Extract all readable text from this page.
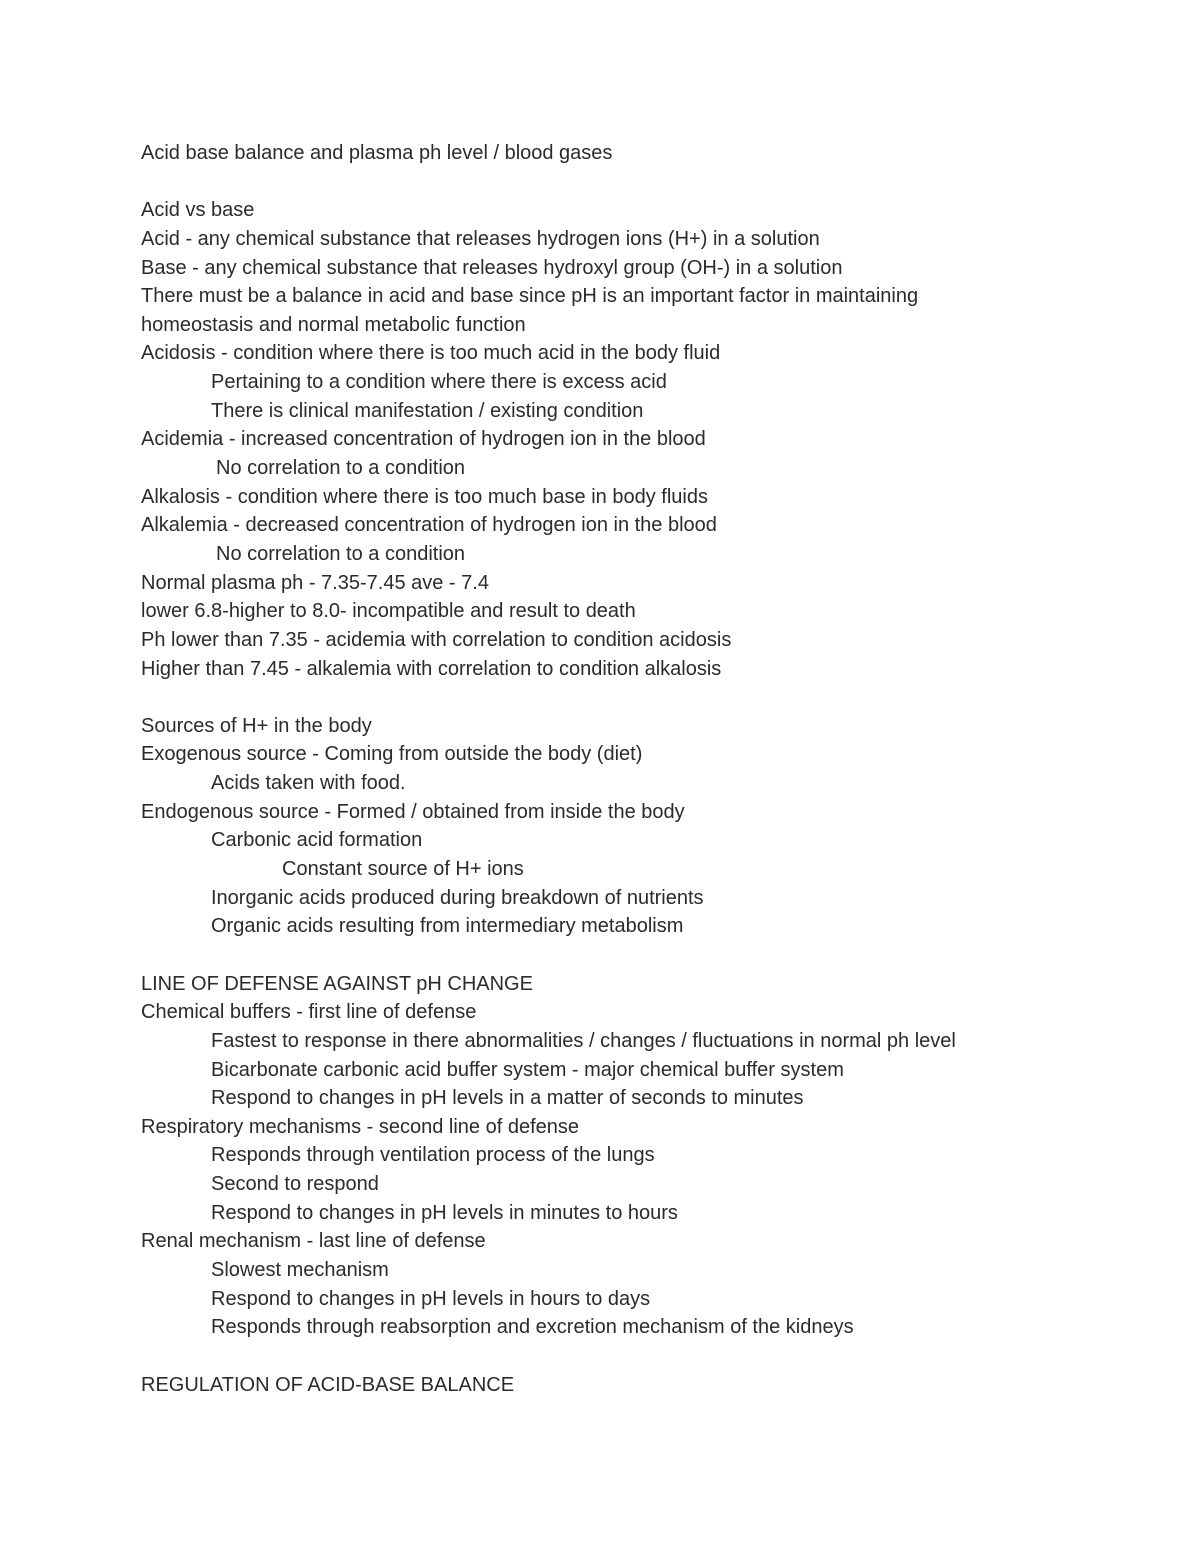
Acid base balance and plasma ph level / blood gases
Acid vs base
Acid - any chemical substance that releases hydrogen ions (H+) in a solution
Base - any chemical substance that releases hydroxyl group (OH-) in a solution
There must be a balance in acid and base since pH is an important factor in maintaining
homeostasis and normal metabolic function
Acidosis - condition where there is too much acid in the body fluid
Pertaining to a condition where there is excess acid
There is clinical manifestation / existing condition
Acidemia - increased concentration of hydrogen ion in the blood
No correlation to a condition
Alkalosis - condition where there is too much base in body fluids
Alkalemia - decreased concentration of hydrogen ion in the blood
No correlation to a condition
Normal plasma ph - 7.35-7.45 ave - 7.4
lower 6.8-higher to 8.0- incompatible and result to death
Ph lower than 7.35 - acidemia with correlation to condition acidosis
Higher than 7.45 - alkalemia with correlation to condition alkalosis
Sources of H+ in the body
Exogenous source - Coming from outside the body (diet)
Acids taken with food.
Endogenous source - Formed / obtained from inside the body
Carbonic acid formation
Constant source of H+ ions
Inorganic acids produced during breakdown of nutrients
Organic acids resulting from intermediary metabolism
LINE OF DEFENSE AGAINST pH CHANGE
Chemical buffers - first line of defense
Fastest to response in there abnormalities / changes / fluctuations in normal ph level
Bicarbonate carbonic acid buffer system - major chemical buffer system
Respond to changes in pH levels in a matter of seconds to minutes
Respiratory mechanisms - second line of defense
Responds through ventilation process of the lungs
Second to respond
Respond to changes in pH levels in minutes to hours
Renal mechanism - last line of defense
Slowest mechanism
Respond to changes in pH levels in hours to days
Responds through reabsorption and excretion mechanism of the kidneys
REGULATION OF ACID-BASE BALANCE
